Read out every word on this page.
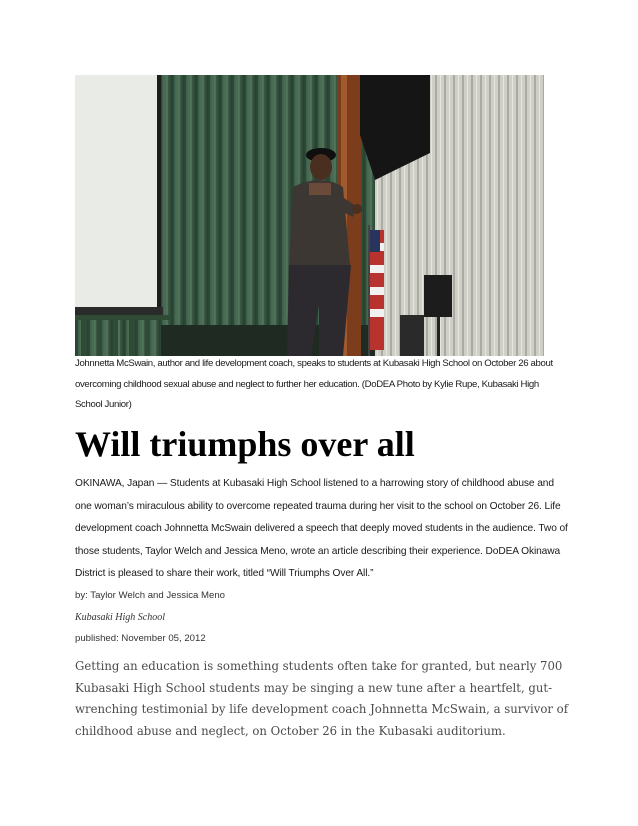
Johnnetta McSwain, author and life development coach, speaks to students at Kubasaki High School on October 26 about overcoming childhood sexual abuse and neglect to further her education. (DoDEA Photo by Kylie Rupe, Kubasaki High School Junior)

Will triumphs over all

OKINAWA, Japan — Students at Kubasaki High School listened to a harrowing story of childhood abuse and one woman’s miraculous ability to overcome repeated trauma during her visit to the school on October 26. Life development coach Johnnetta McSwain delivered a speech that deeply moved students in the audience. Two of those students, Taylor Welch and Jessica Meno, wrote an article describing their experience. DoDEA Okinawa District is pleased to share their work, titled “Will Triumphs Over All.”

by: Taylor Welch and Jessica Meno
Kubasaki High School
published: November 05, 2012

Getting an education is something students often take for granted, but nearly 700 Kubasaki High School students may be singing a new tune after a heartfelt, gut-wrenching testimonial by life development coach Johnnetta McSwain, a survivor of childhood abuse and neglect, on October 26 in the Kubasaki auditorium.
